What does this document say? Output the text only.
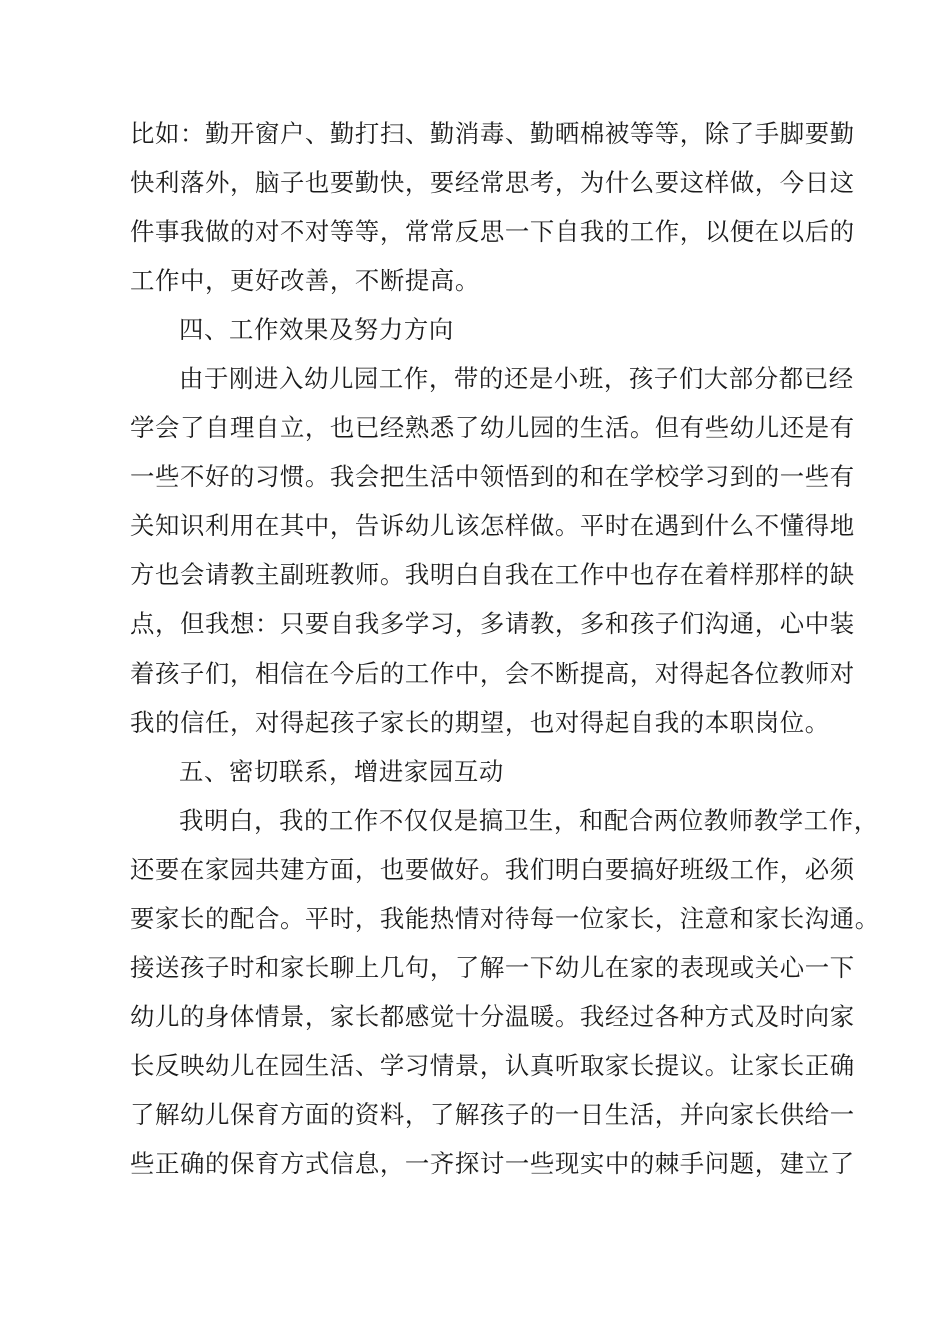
比如：勤开窗户、勤打扫、勤消毒、勤晒棉被等等，除了手脚要勤
快利落外，脑子也要勤快，要经常思考，为什么要这样做，今日这
件事我做的对不对等等，常常反思一下自我的工作，以便在以后的
工作中，更好改善，不断提高。
四、工作效果及努力方向
由于刚进入幼儿园工作，带的还是小班，孩子们大部分都已经
学会了自理自立，也已经熟悉了幼儿园的生活。但有些幼儿还是有
一些不好的习惯。我会把生活中领悟到的和在学校学习到的一些有
关知识利用在其中，告诉幼儿该怎样做。平时在遇到什么不懂得地
方也会请教主副班教师。我明白自我在工作中也存在着样那样的缺
点，但我想：只要自我多学习，多请教，多和孩子们沟通，心中装
着孩子们，相信在今后的工作中，会不断提高，对得起各位教师对
我的信任，对得起孩子家长的期望，也对得起自我的本职岗位。
五、密切联系，增进家园互动
我明白，我的工作不仅仅是搞卫生，和配合两位教师教学工作，
还要在家园共建方面，也要做好。我们明白要搞好班级工作，必须
要家长的配合。平时，我能热情对待每一位家长，注意和家长沟通。
接送孩子时和家长聊上几句，了解一下幼儿在家的表现或关心一下
幼儿的身体情景，家长都感觉十分温暖。我经过各种方式及时向家
长反映幼儿在园生活、学习情景，认真听取家长提议。让家长正确
了解幼儿保育方面的资料，了解孩子的一日生活，并向家长供给一
些正确的保育方式信息，一齐探讨一些现实中的棘手问题，建立了
